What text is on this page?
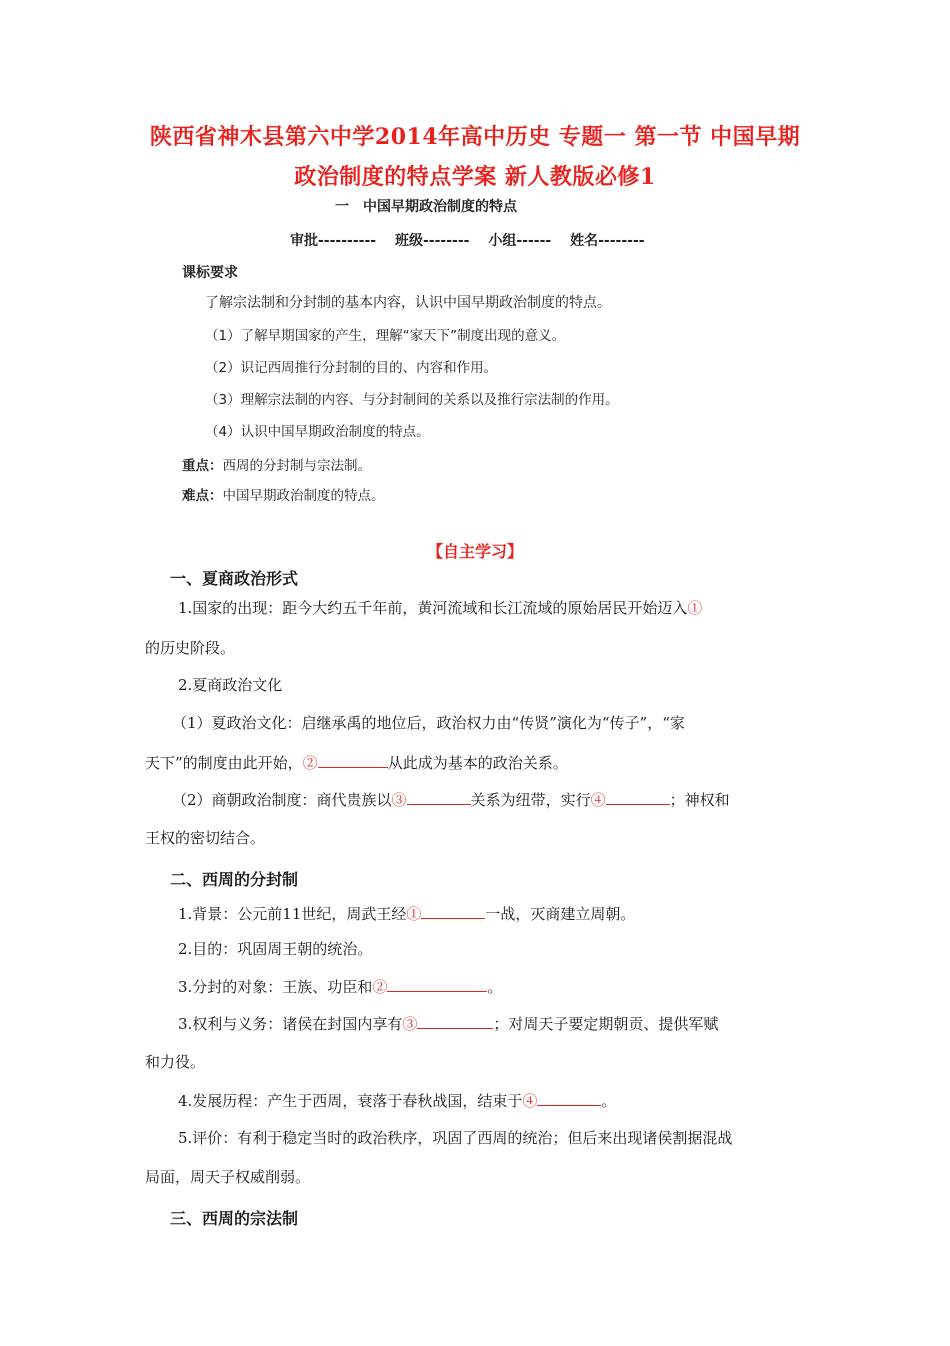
陕西省神木县第六中学2014年高中历史 专题一 第一节 中国早期
政治制度的特点学案 新人教版必修1
一　中国早期政治制度的特点
审批---------- 班级-------- 小组------ 姓名--------
课标要求
了解宗法制和分封制的基本内容，认识中国早期政治制度的特点。
（1）了解早期国家的产生，理解“家天下”制度出现的意义。
（2）识记西周推行分封制的目的、内容和作用。
（3）理解宗法制的内容、与分封制间的关系以及推行宗法制的作用。
（4）认识中国早期政治制度的特点。
重点：西周的分封制与宗法制。
难点：中国早期政治制度的特点。
【自主学习】
一、夏商政治形式
1.国家的出现：距今大约五千年前，黄河流域和长江流域的原始居民开始迈入①
的历史阶段。
2.夏商政治文化
（1）夏政治文化：启继承禹的地位后，政治权力由“传贤”演化为“传子”，“家
天下”的制度由此开始，②	从此成为基本的政治关系。
（2）商朝政治制度：商代贵族以③	关系为纽带，实行④	；神权和
王权的密切结合。
二、西周的分封制
1.背景：公元前11世纪，周武王经①	一战，灭商建立周朝。
2.目的：巩固周王朝的统治。
3.分封的对象：王族、功臣和②	。
3.权利与义务：诸侯在封国内享有③	；对周天子要定期朝贡、提供军赋
和力役。
4.发展历程：产生于西周，衰落于春秋战国，结束于④	。
5.评价：有利于稳定当时的政治秩序，巩固了西周的统治；但后来出现诸侯割据混战
局面，周天子权威削弱。
三、西周的宗法制
